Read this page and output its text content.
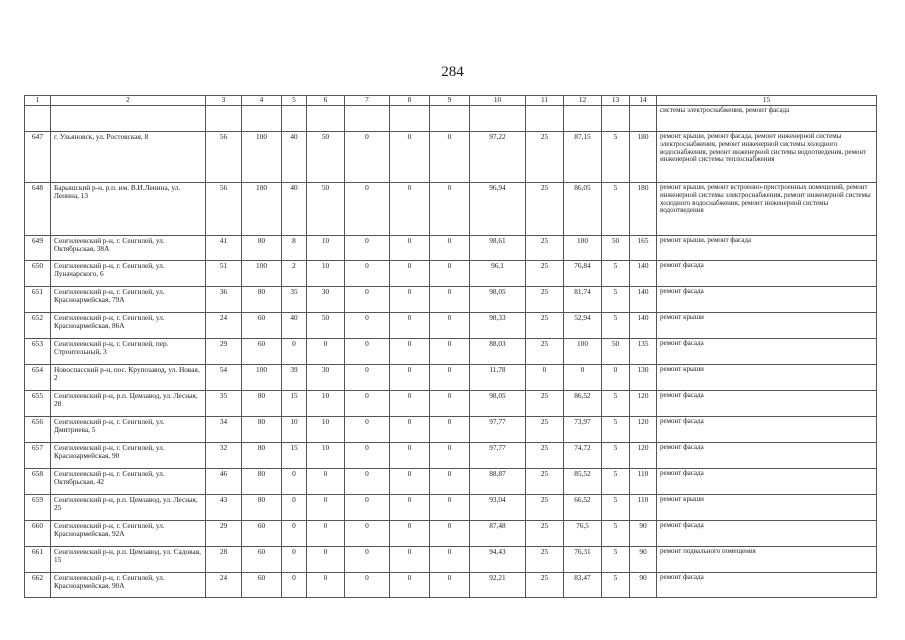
284
1	2	3	4	5	6	7	8	9	10	11	12	13	14	15
														системы электроснабжения, ремонт фасада
647	г. Ульяновск, ул. Ростовская, 8	56	100	40	50	0	0	0	97,22	25	87,15	5	180	ремонт крыши, ремонт фасада, ремонт инженерной системы электроснабжения, ремонт инженерной системы холодного водоснабжения, ремонт инженерной системы водоотведения, ремонт инженерной системы теплоснабжения
648	Барышский р-н, р.п. им. В.И.Ленина, ул. Ленина, 13	56	100	40	50	0	0	0	96,94	25	86,05	5	180	ремонт крыши, ремонт встроенно-пристроенных помещений, ремонт инженерной системы электроснабжения, ремонт инженерной системы холодного водоснабжения, ремонт инженерной системы водоотведения
649	Сенгилеевский р-н, г. Сенгилей, ул. Октябрьская, 38А	41	80	8	10	0	0	0	98,61	25	100	50	165	ремонт крыши, ремонт фасада
650	Сенгилеевский р-н, г. Сенгилей, ул. Луначарского, 6	51	100	2	10	0	0	0	96,1	25	76,84	5	140	ремонт фасада
651	Сенгилеевский р-н, г. Сенгилей, ул. Красноармейская, 79А	36	80	35	30	0	0	0	98,05	25	81,74	5	140	ремонт фасада
652	Сенгилеевский р-н, г. Сенгилей, ул. Красноармейская, 86А	24	60	40	50	0	0	0	98,33	25	52,94	5	140	ремонт крыши
653	Сенгилеевский р-н, г. Сенгилей, пер. Строительный, 3	29	60	0	0	0	0	0	88,03	25	100	50	135	ремонт фасада
654	Новоспасский р-н, пос. Крупозавод, ул. Новая, 2	54	100	39	30	0	0	0	11,78	0	0	0	130	ремонт крыши
655	Сенгилеевский р-н, р.п. Цемзавод, ул. Лесная, 28	35	80	15	10	0	0	0	98,05	25	86,52	5	120	ремонт фасада
656	Сенгилеевский р-н, г. Сенгилей, ул. Дмитриева, 5	34	80	10	10	0	0	0	97,77	25	73,97	5	120	ремонт фасада
657	Сенгилеевский р-н, г. Сенгилей, ул. Красноармейская, 90	32	80	15	10	0	0	0	97,77	25	74,72	5	120	ремонт фасада
658	Сенгилеевский р-н, г. Сенгилей, ул. Октябрьская, 42	46	80	0	0	0	0	0	88,87	25	85,52	5	110	ремонт фасада
659	Сенгилеевский р-н, р.п. Цемзавод, ул. Лесная, 25	43	80	0	0	0	0	0	93,04	25	66,52	5	110	ремонт крыши
660	Сенгилеевский р-н, г. Сенгилей, ул. Красноармейская, 92А	29	60	0	0	0	0	0	87,48	25	76,5	5	90	ремонт фасада
661	Сенгилеевский р-н, р.п. Цемзавод, ул. Садовая, 15	28	60	0	0	0	0	0	94,43	25	76,31	5	90	ремонт подвального помещения
662	Сенгилеевский р-н, г. Сенгилей, ул. Красноармейская, 90А	24	60	0	0	0	0	0	92,21	25	83,47	5	90	ремонт фасада
